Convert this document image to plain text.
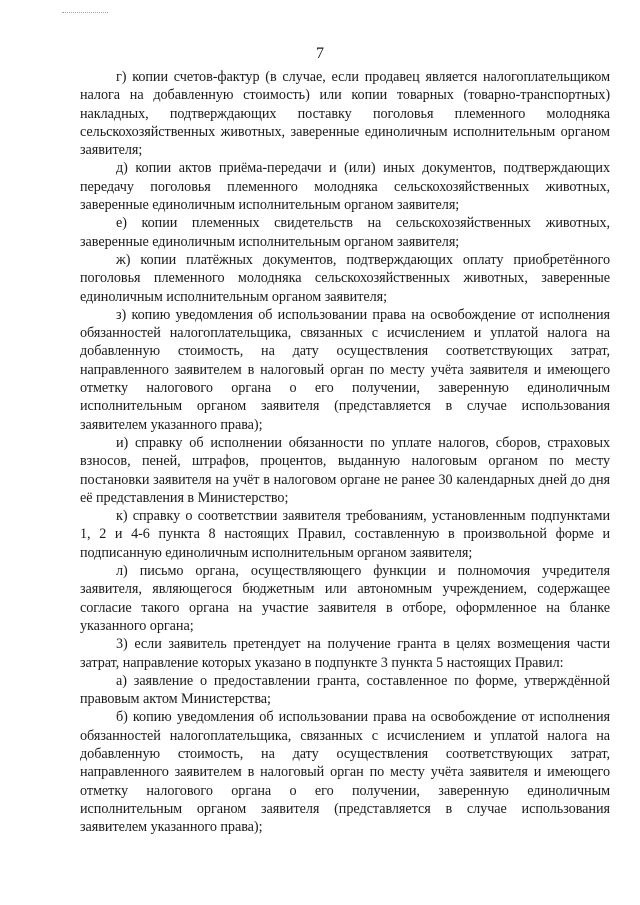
7

г) копии счетов-фактур (в случае, если продавец является налогоплательщиком налога на добавленную стоимость) или копии товарных (товарно-транспортных) накладных, подтверждающих поставку поголовья племенного молодняка сельскохозяйственных животных, заверенные единоличным исполнительным органом заявителя;

д) копии актов приёма-передачи и (или) иных документов, подтверждающих передачу поголовья племенного молодняка сельскохозяйственных животных, заверенные единоличным исполнительным органом заявителя;

е) копии племенных свидетельств на сельскохозяйственных животных, заверенные единоличным исполнительным органом заявителя;

ж) копии платёжных документов, подтверждающих оплату приобретённого поголовья племенного молодняка сельскохозяйственных животных, заверенные единоличным исполнительным органом заявителя;

з) копию уведомления об использовании права на освобождение от исполнения обязанностей налогоплательщика, связанных с исчислением и уплатой налога на добавленную стоимость, на дату осуществления соответствующих затрат, направленного заявителем в налоговый орган по месту учёта заявителя и имеющего отметку налогового органа о его получении, заверенную единоличным исполнительным органом заявителя (представляется в случае использования заявителем указанного права);

и) справку об исполнении обязанности по уплате налогов, сборов, страховых взносов, пеней, штрафов, процентов, выданную налоговым органом по месту постановки заявителя на учёт в налоговом органе не ранее 30 календарных дней до дня её представления в Министерство;

к) справку о соответствии заявителя требованиям, установленным подпунктами 1, 2 и 4-6 пункта 8 настоящих Правил, составленную в произвольной форме и подписанную единоличным исполнительным органом заявителя;

л) письмо органа, осуществляющего функции и полномочия учредителя заявителя, являющегося бюджетным или автономным учреждением, содержащее согласие такого органа на участие заявителя в отборе, оформленное на бланке указанного органа;

3) если заявитель претендует на получение гранта в целях возмещения части затрат, направление которых указано в подпункте 3 пункта 5 настоящих Правил:

а) заявление о предоставлении гранта, составленное по форме, утверждённой правовым актом Министерства;

б) копию уведомления об использовании права на освобождение от исполнения обязанностей налогоплательщика, связанных с исчислением и уплатой налога на добавленную стоимость, на дату осуществления соответствующих затрат, направленного заявителем в налоговый орган по месту учёта заявителя и имеющего отметку налогового органа о его получении, заверенную единоличным исполнительным органом заявителя (представляется в случае использования заявителем указанного права);
